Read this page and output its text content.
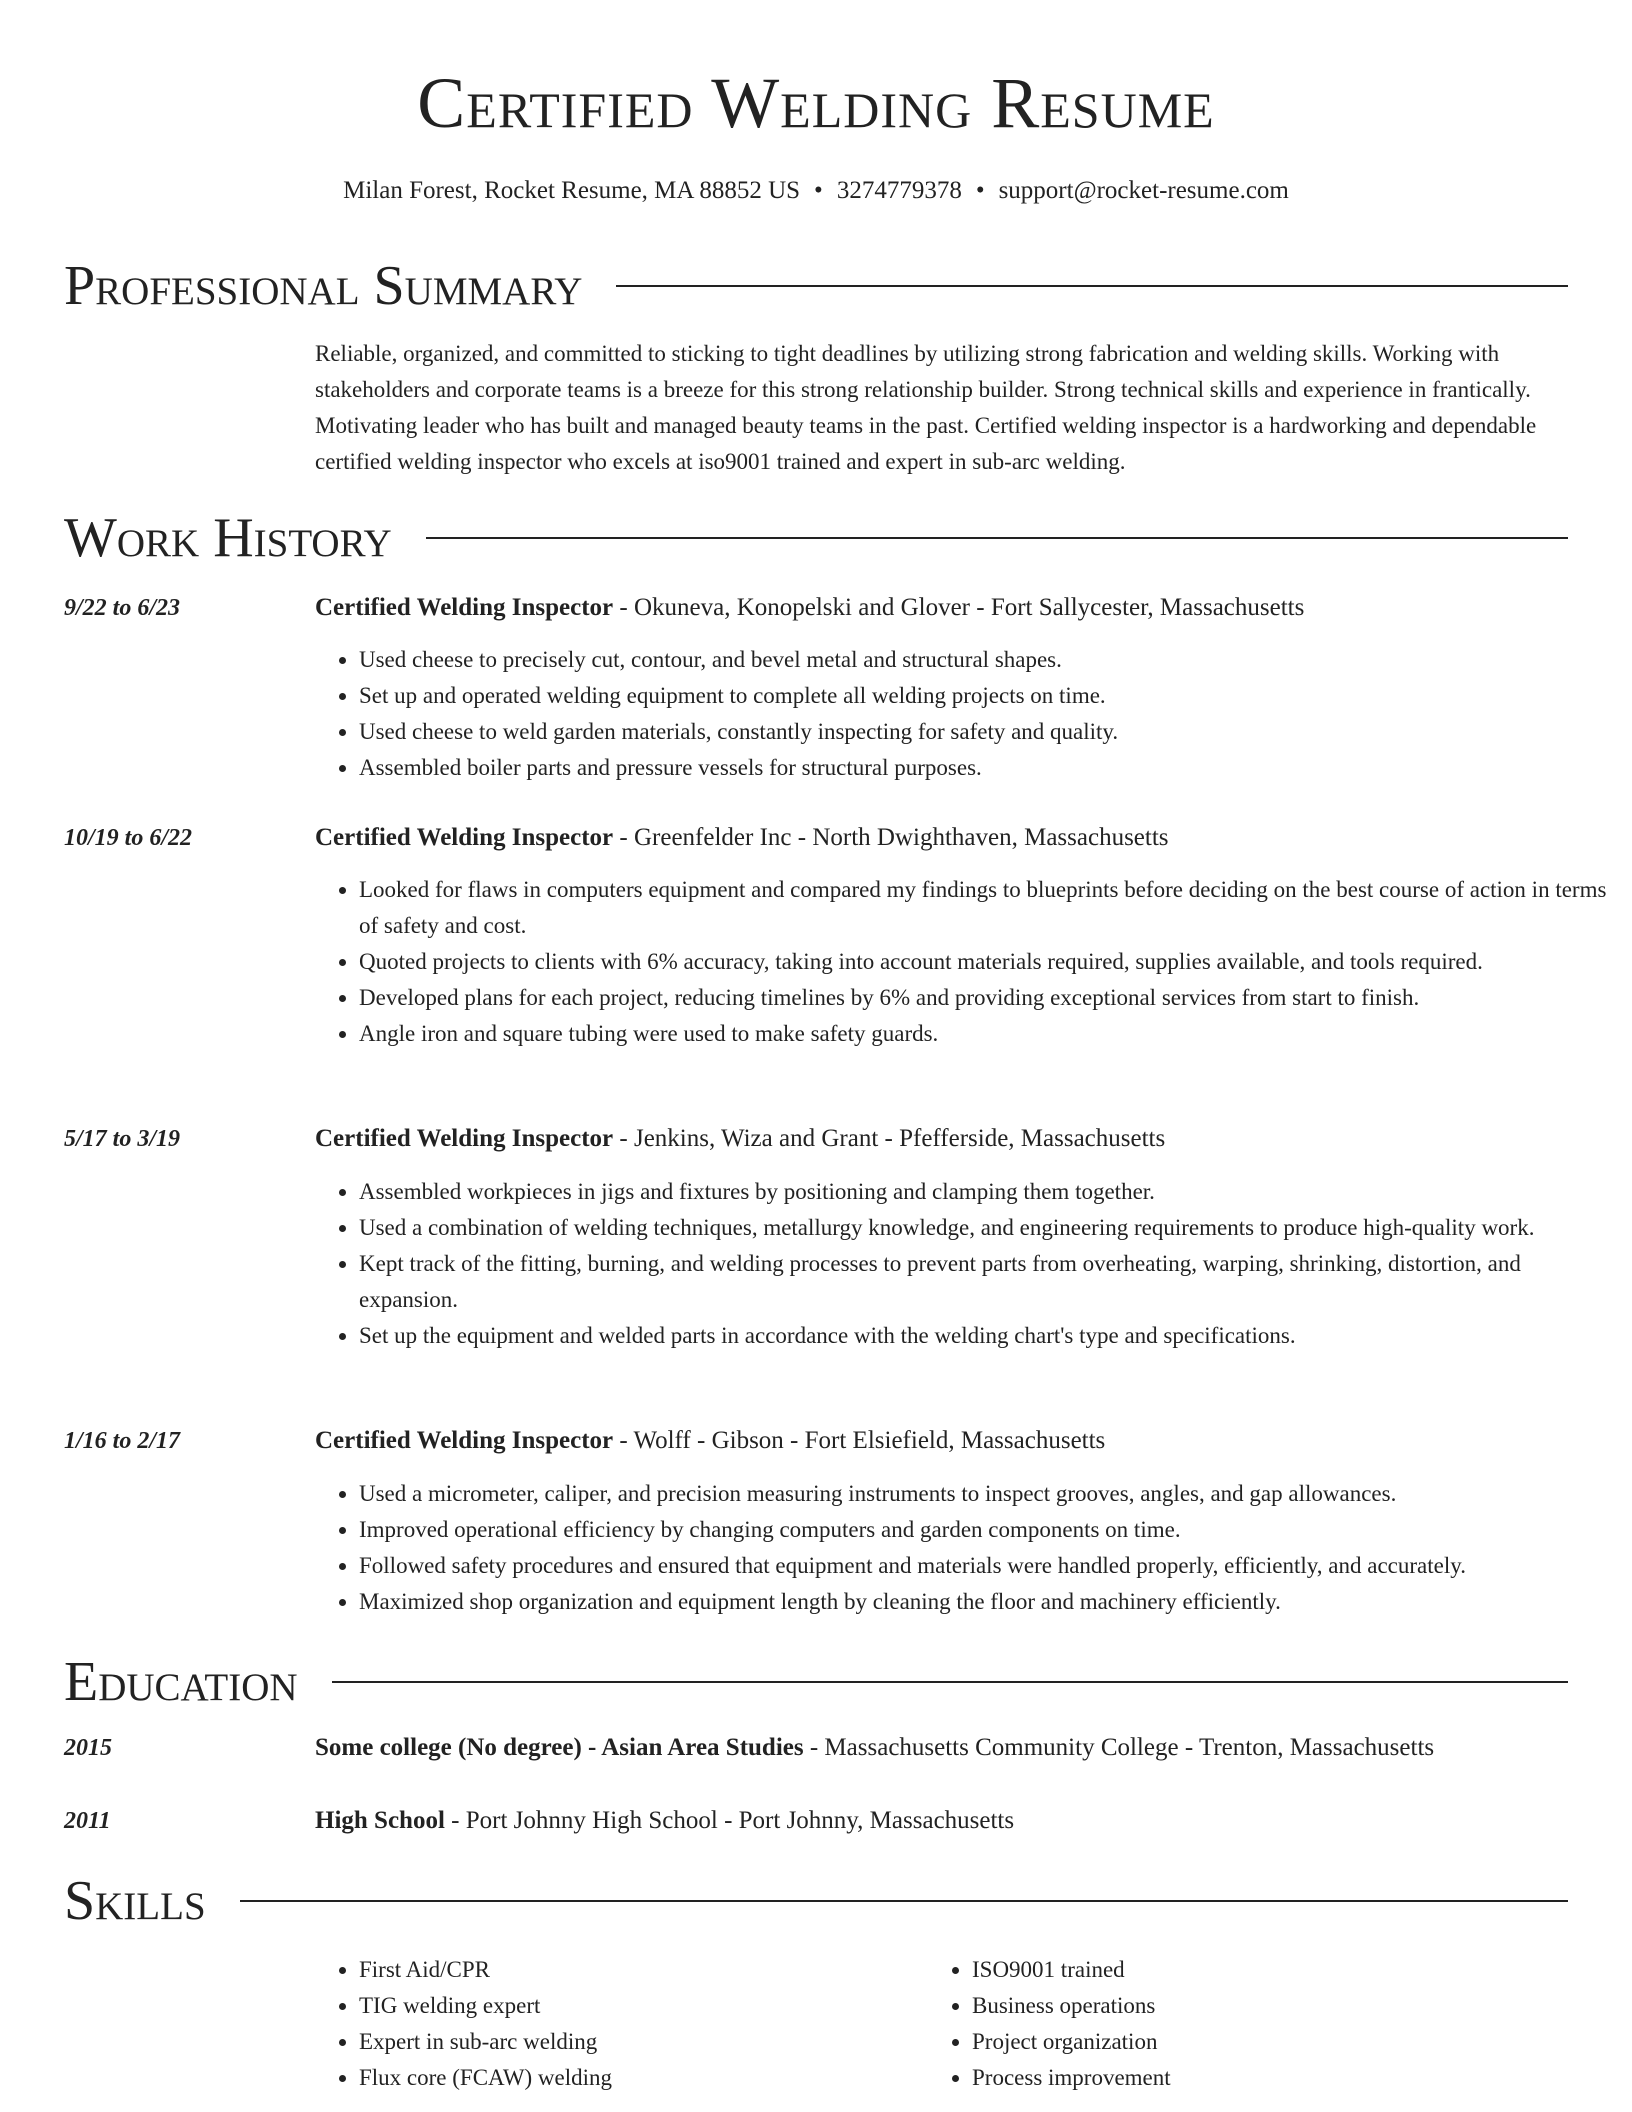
Certified Welding Resume
Milan Forest, Rocket Resume, MA 88852 US • 3274779378 • support@rocket-resume.com
Professional Summary

Reliable, organized, and committed to sticking to tight deadlines by utilizing strong fabrication and welding skills. Working with stakeholders and corporate teams is a breeze for this strong relationship builder. Strong technical skills and experience in frantically. Motivating leader who has built and managed beauty teams in the past. Certified welding inspector is a hardworking and dependable certified welding inspector who excels at iso9001 trained and expert in sub-arc welding.

Work History
9/22 to 6/23	Certified Welding Inspector - Okuneva, Konopelski and Glover - Fort Sallycester, Massachusetts
• Used cheese to precisely cut, contour, and bevel metal and structural shapes.
• Set up and operated welding equipment to complete all welding projects on time.
• Used cheese to weld garden materials, constantly inspecting for safety and quality.
• Assembled boiler parts and pressure vessels for structural purposes.
10/19 to 6/22	Certified Welding Inspector - Greenfelder Inc - North Dwighthaven, Massachusetts
• Looked for flaws in computers equipment and compared my findings to blueprints before deciding on the best course of action in terms of safety and cost.
• Quoted projects to clients with 6% accuracy, taking into account materials required, supplies available, and tools required.
• Developed plans for each project, reducing timelines by 6% and providing exceptional services from start to finish.
• Angle iron and square tubing were used to make safety guards.
5/17 to 3/19	Certified Welding Inspector - Jenkins, Wiza and Grant - Pfefferside, Massachusetts
• Assembled workpieces in jigs and fixtures by positioning and clamping them together.
• Used a combination of welding techniques, metallurgy knowledge, and engineering requirements to produce high-quality work.
• Kept track of the fitting, burning, and welding processes to prevent parts from overheating, warping, shrinking, distortion, and expansion.
• Set up the equipment and welded parts in accordance with the welding chart's type and specifications.
1/16 to 2/17	Certified Welding Inspector - Wolff - Gibson - Fort Elsiefield, Massachusetts
• Used a micrometer, caliper, and precision measuring instruments to inspect grooves, angles, and gap allowances.
• Improved operational efficiency by changing computers and garden components on time.
• Followed safety procedures and ensured that equipment and materials were handled properly, efficiently, and accurately.
• Maximized shop organization and equipment length by cleaning the floor and machinery efficiently.
Education
2015	Some college (No degree) - Asian Area Studies - Massachusetts Community College - Trenton, Massachusetts
2011	High School - Port Johnny High School - Port Johnny, Massachusetts
Skills
• First Aid/CPR
• TIG welding expert
• Expert in sub-arc welding
• Flux core (FCAW) welding
• ISO9001 trained
• Business operations
• Project organization
• Process improvement
